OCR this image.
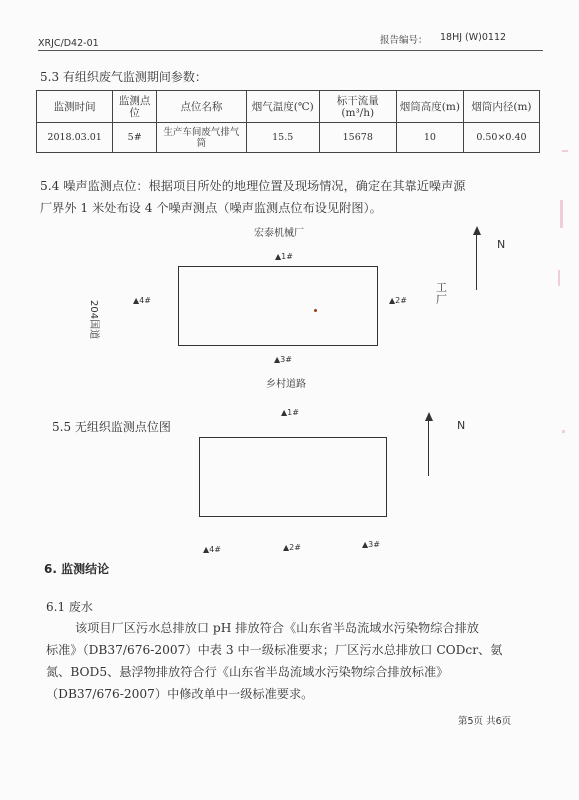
XRJC/D42-01	报告编号： 18HJ (W)0112
5.3 有组织废气监测期间参数：
监测时间	监测点位	点位名称	烟气温度(℃)	标干流量(m³/h)	烟筒高度(m)	烟筒内径(m)
2018.03.01	5#	生产车间废气排气筒	15.5	15678	10	0.50×0.40
5.4 噪声监测点位：根据项目所处的地理位置及现场情况，确定在其靠近噪声源
厂界外 1 米处布设 4 个噪声测点（噪声监测点位布设见附图）。
宏泰机械厂
▲1#
▲2#
▲4#
▲3#
乡村道路
204国道
工厂
N
5.5 无组织监测点位图
▲1#
▲4#	▲2#	▲3#
N
6. 监测结论
6.1 废水
该项目厂区污水总排放口 pH 排放符合《山东省半岛流域水污染物综合排放
标准》（DB37/676-2007）中表 3 中一级标准要求；厂区污水总排放口 CODcr、氨
氮、BOD5、悬浮物排放符合行《山东省半岛流域水污染物综合排放标准》
（DB37/676-2007）中修改单中一级标准要求。
第5页 共6页
